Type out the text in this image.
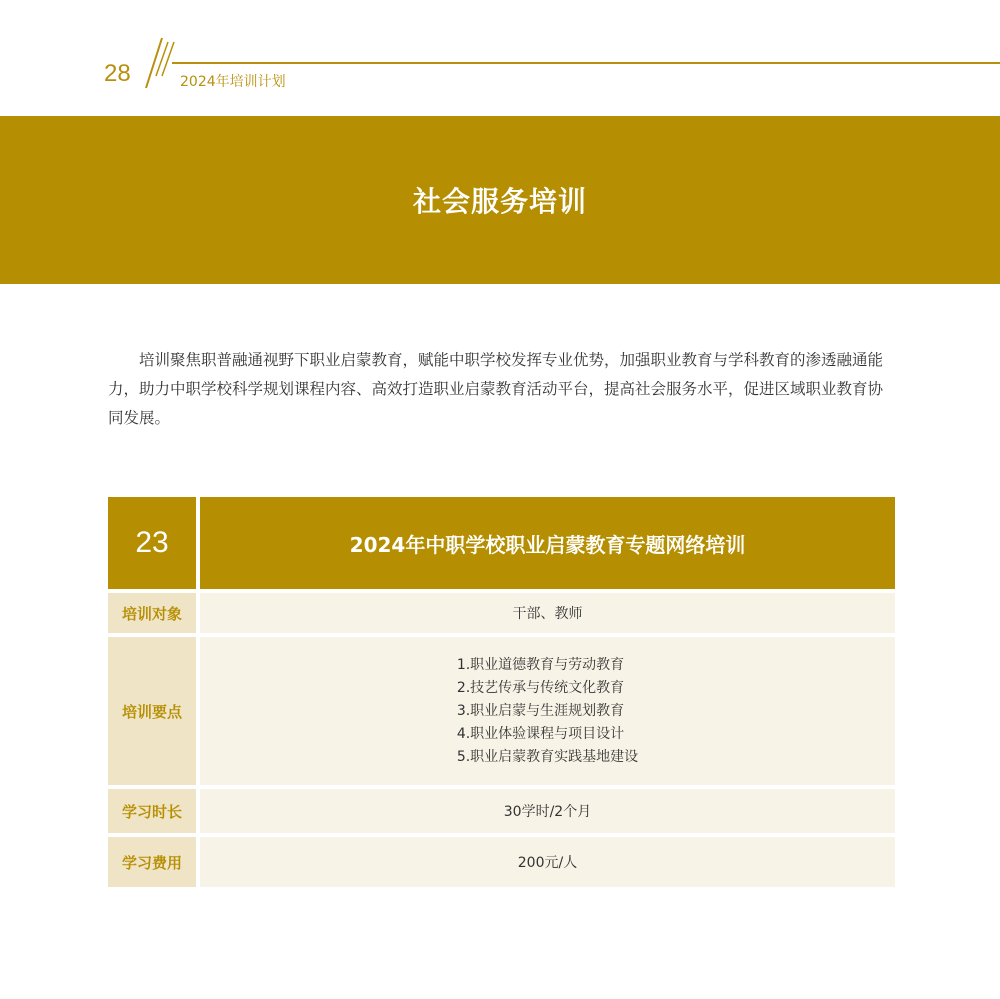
28	2024年培训计划
社会服务培训

培训聚焦职普融通视野下职业启蒙教育，赋能中职学校发挥专业优势，加强职业教育与学科教育的渗透融通能力，助力中职学校科学规划课程内容、高效打造职业启蒙教育活动平台，提高社会服务水平，促进区域职业教育协同发展。

23	2024年中职学校职业启蒙教育专题网络培训
培训对象	干部、教师
培训要点
1.职业道德教育与劳动教育
2.技艺传承与传统文化教育
3.职业启蒙与生涯规划教育
4.职业体验课程与项目设计
5.职业启蒙教育实践基地建设
学习时长	30学时/2个月
学习费用	200元/人
